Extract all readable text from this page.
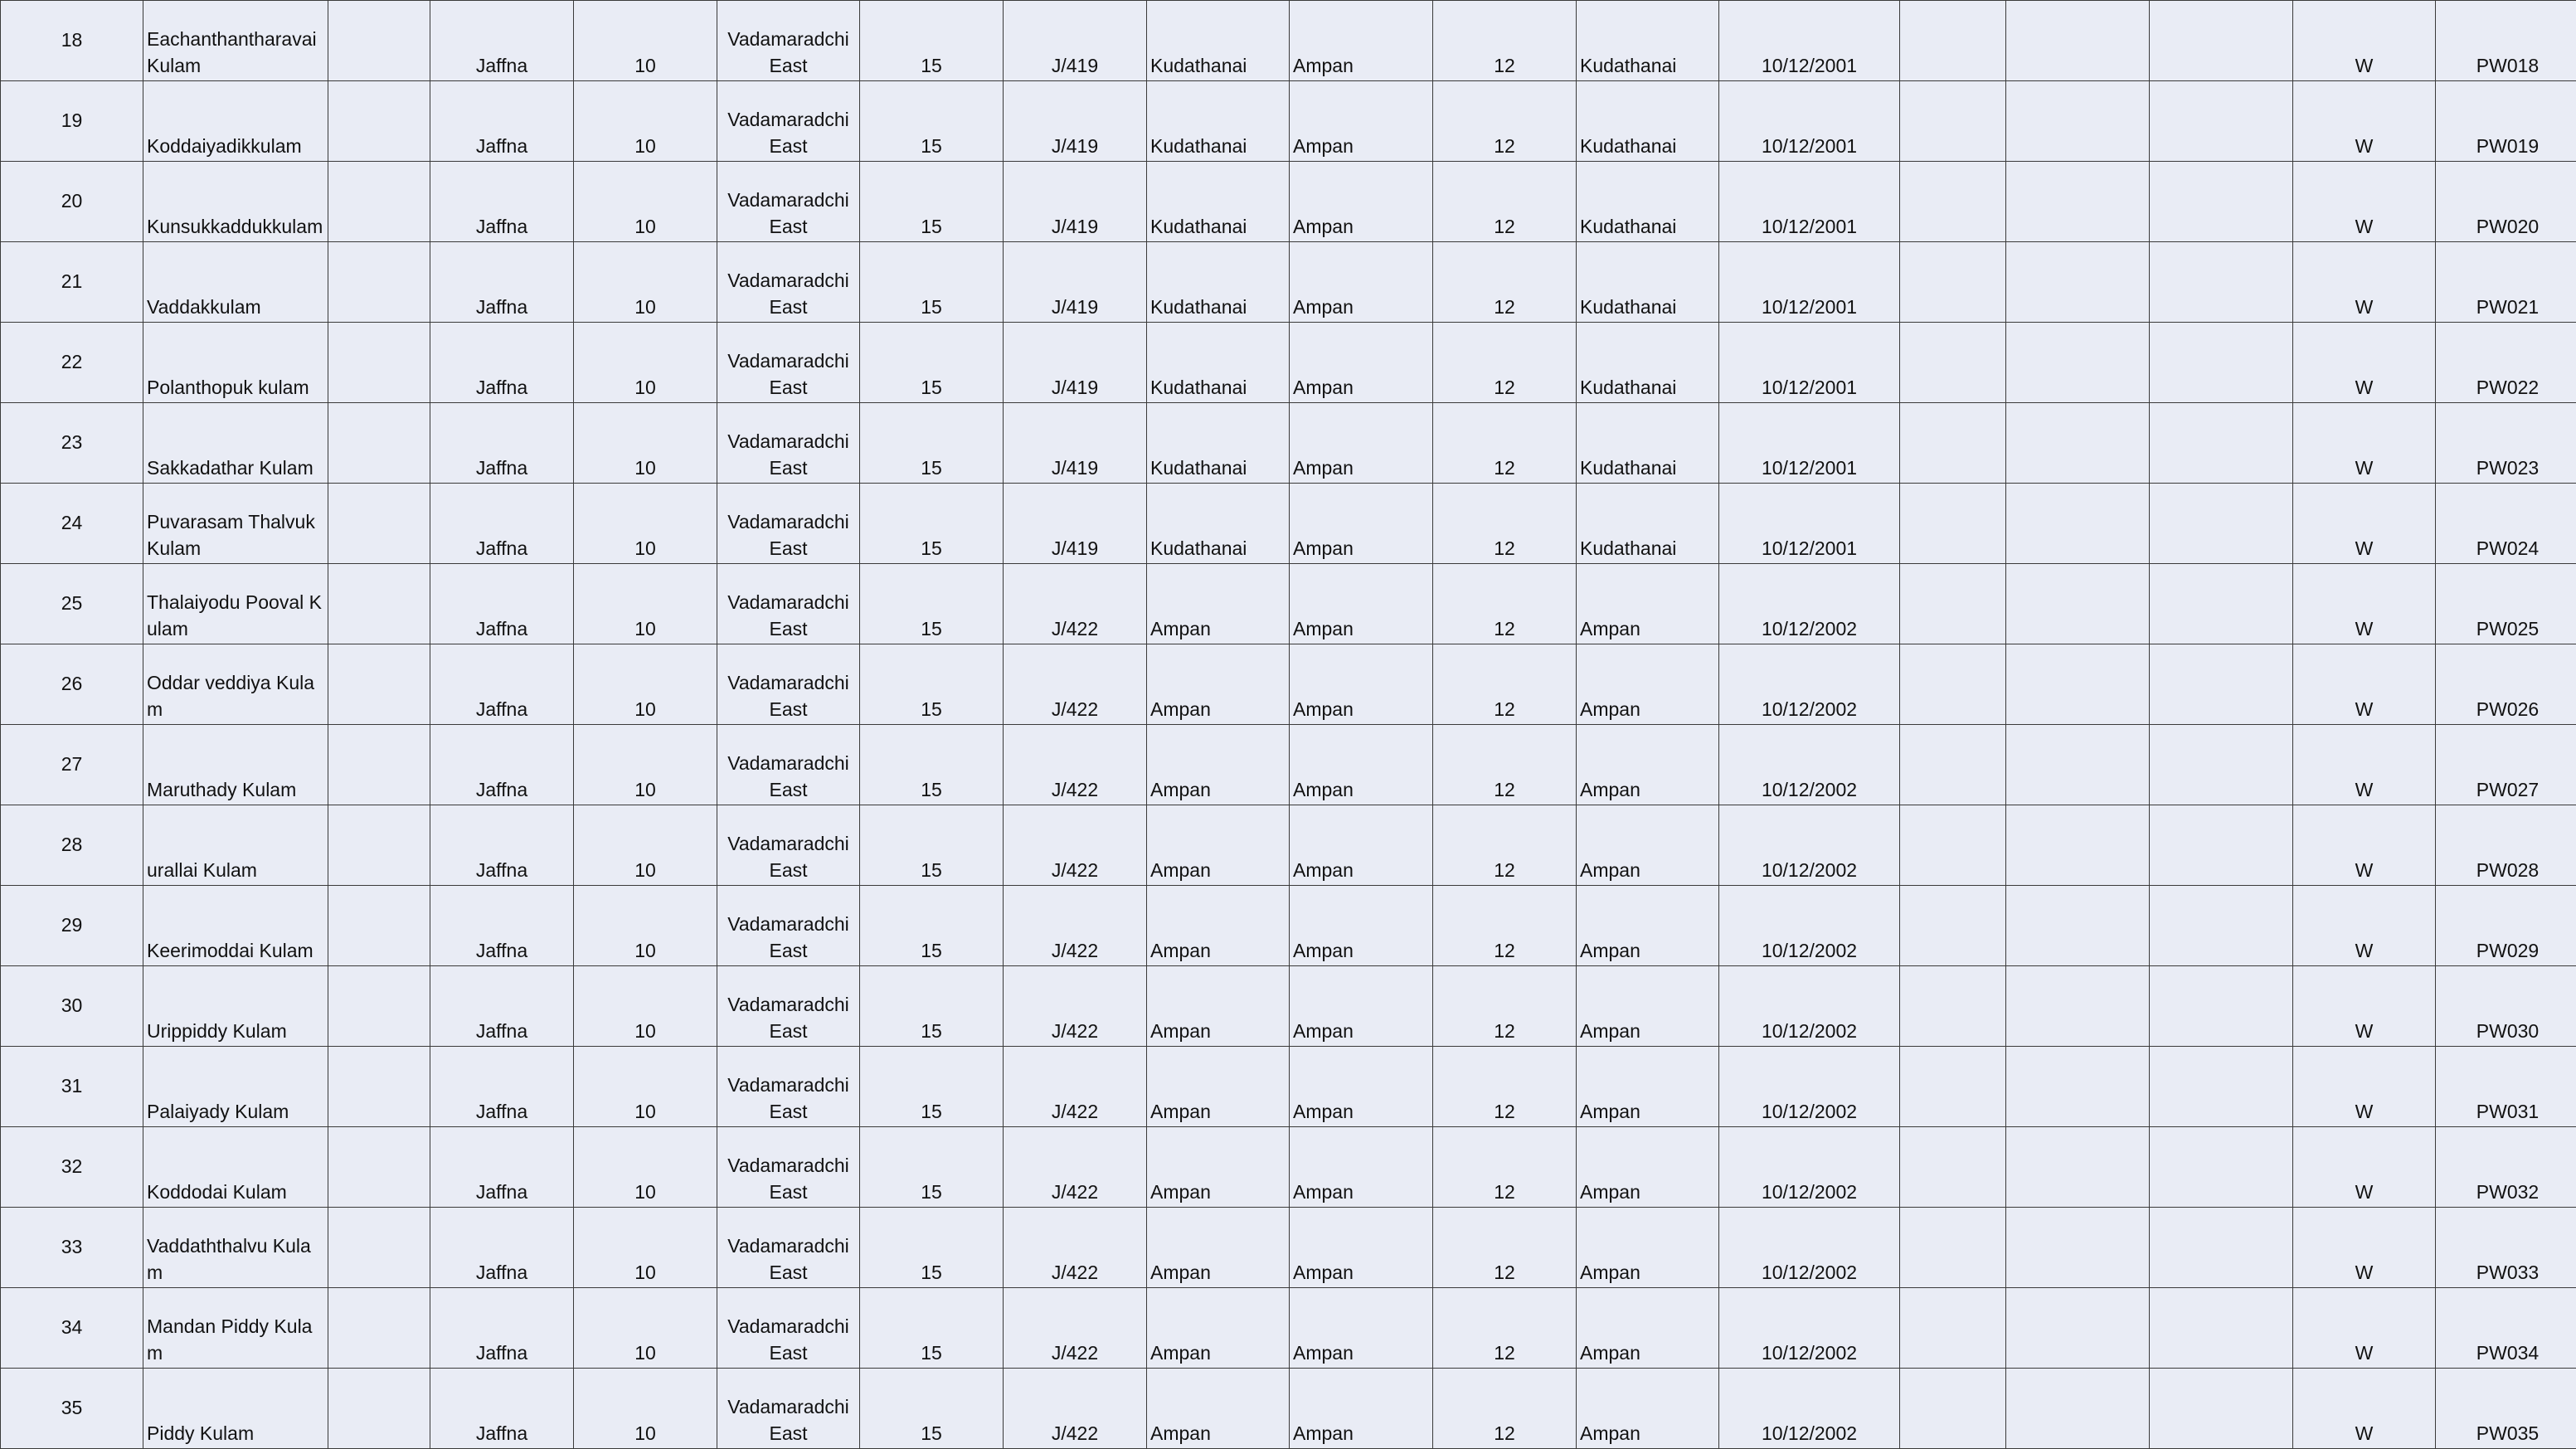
18	Eachanthantharavai Kulam		Jaffna	10	Vadamaradchi East	15	J/419	Kudathanai	Ampan	12	Kudathanai	10/12/2001				W	PW018
19	Koddaiyadikkulam		Jaffna	10	Vadamaradchi East	15	J/419	Kudathanai	Ampan	12	Kudathanai	10/12/2001				W	PW019
20	Kunsukkaddukkulam		Jaffna	10	Vadamaradchi East	15	J/419	Kudathanai	Ampan	12	Kudathanai	10/12/2001				W	PW020
21	Vaddakkulam		Jaffna	10	Vadamaradchi East	15	J/419	Kudathanai	Ampan	12	Kudathanai	10/12/2001				W	PW021
22	Polanthopuk kulam		Jaffna	10	Vadamaradchi East	15	J/419	Kudathanai	Ampan	12	Kudathanai	10/12/2001				W	PW022
23	Sakkadathar Kulam		Jaffna	10	Vadamaradchi East	15	J/419	Kudathanai	Ampan	12	Kudathanai	10/12/2001				W	PW023
24	Puvarasam Thalvuk Kulam		Jaffna	10	Vadamaradchi East	15	J/419	Kudathanai	Ampan	12	Kudathanai	10/12/2001				W	PW024
25	Thalaiyodu Pooval Kulam		Jaffna	10	Vadamaradchi East	15	J/422	Ampan	Ampan	12	Ampan	10/12/2002				W	PW025
26	Oddar veddiya Kulam		Jaffna	10	Vadamaradchi East	15	J/422	Ampan	Ampan	12	Ampan	10/12/2002				W	PW026
27	Maruthady Kulam		Jaffna	10	Vadamaradchi East	15	J/422	Ampan	Ampan	12	Ampan	10/12/2002				W	PW027
28	urallai Kulam		Jaffna	10	Vadamaradchi East	15	J/422	Ampan	Ampan	12	Ampan	10/12/2002				W	PW028
29	Keerimoddai Kulam		Jaffna	10	Vadamaradchi East	15	J/422	Ampan	Ampan	12	Ampan	10/12/2002				W	PW029
30	Urippiddy Kulam		Jaffna	10	Vadamaradchi East	15	J/422	Ampan	Ampan	12	Ampan	10/12/2002				W	PW030
31	Palaiyady Kulam		Jaffna	10	Vadamaradchi East	15	J/422	Ampan	Ampan	12	Ampan	10/12/2002				W	PW031
32	Koddodai Kulam		Jaffna	10	Vadamaradchi East	15	J/422	Ampan	Ampan	12	Ampan	10/12/2002				W	PW032
33	Vaddaththalvu Kulam		Jaffna	10	Vadamaradchi East	15	J/422	Ampan	Ampan	12	Ampan	10/12/2002				W	PW033
34	Mandan Piddy Kulam		Jaffna	10	Vadamaradchi East	15	J/422	Ampan	Ampan	12	Ampan	10/12/2002				W	PW034
35	Piddy Kulam		Jaffna	10	Vadamaradchi East	15	J/422	Ampan	Ampan	12	Ampan	10/12/2002				W	PW035
